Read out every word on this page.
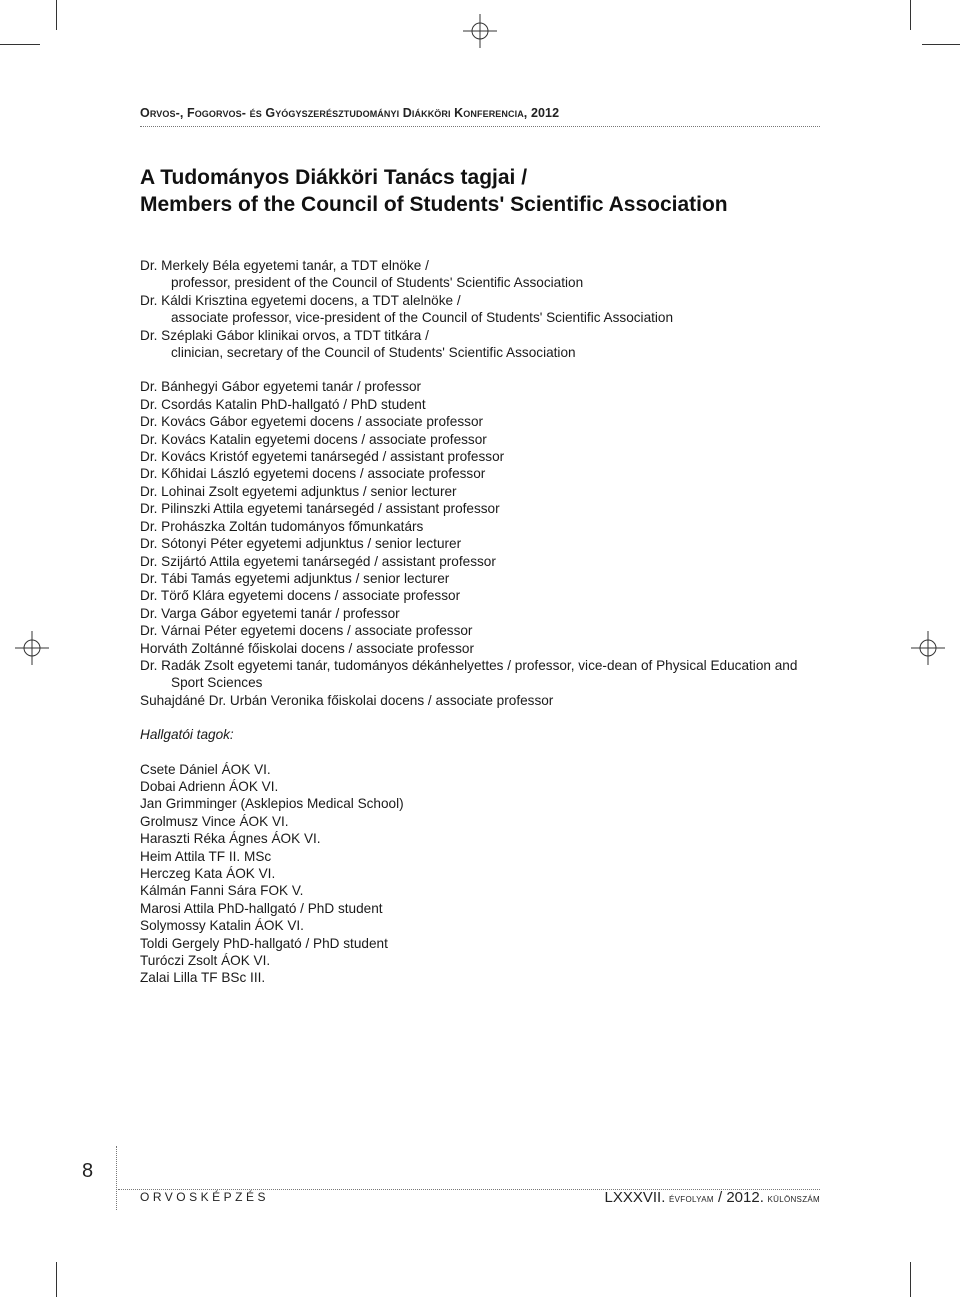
Orvos-, Fogorvos- és Gyógyszerésztudományi Diákköri Konferencia, 2012
A Tudományos Diákköri Tanács tagjai /
Members of the Council of Students' Scientific Association
Dr. Merkely Béla egyetemi tanár, a TDT elnöke /
professor, president of the Council of Students' Scientific Association
Dr. Káldi Krisztina egyetemi docens, a TDT alelnöke /
associate professor, vice-president of the Council of Students' Scientific Association
Dr. Széplaki Gábor klinikai orvos, a TDT titkára /
clinician, secretary of the Council of Students' Scientific Association

Dr. Bánhegyi Gábor egyetemi tanár / professor

Dr. Csordás Katalin PhD-hallgató / PhD student

Dr. Kovács Gábor egyetemi docens / associate professor

Dr. Kovács Katalin egyetemi docens / associate professor

Dr. Kovács Kristóf egyetemi tanársegéd / assistant professor

Dr. Kőhidai László egyetemi docens / associate professor

Dr. Lohinai Zsolt egyetemi adjunktus / senior lecturer

Dr. Pilinszki Attila egyetemi tanársegéd / assistant professor

Dr. Prohászka Zoltán tudományos főmunkatárs

Dr. Sótonyi Péter egyetemi adjunktus / senior lecturer

Dr. Szijártó Attila egyetemi tanársegéd / assistant professor

Dr. Tábi Tamás egyetemi adjunktus / senior lecturer

Dr. Törő Klára egyetemi docens / associate professor

Dr. Varga Gábor egyetemi tanár / professor

Dr. Várnai Péter egyetemi docens / associate professor

Horváth Zoltánné főiskolai docens / associate professor

Dr. Radák Zsolt egyetemi tanár, tudományos dékánhelyettes / professor, vice-dean of Physical Education and Sport Sciences

Suhajdáné Dr. Urbán Veronika főiskolai docens / associate professor

Hallgatói tagok:

Csete Dániel ÁOK VI.

Dobai Adrienn ÁOK VI.

Jan Grimminger (Asklepios Medical School)

Grolmusz Vince ÁOK VI.

Haraszti Réka Ágnes ÁOK VI.

Heim Attila TF II. MSc

Herczeg Kata ÁOK VI.

Kálmán Fanni Sára FOK V.

Marosi Attila PhD-hallgató / PhD student

Solymossy Katalin ÁOK VI.

Toldi Gergely PhD-hallgató / PhD student

Turóczi Zsolt ÁOK VI.

Zalai Lilla TF BSc III.

8
ORVOSKÉPZÉS	LXXXVII. évfolyam / 2012. különszám
